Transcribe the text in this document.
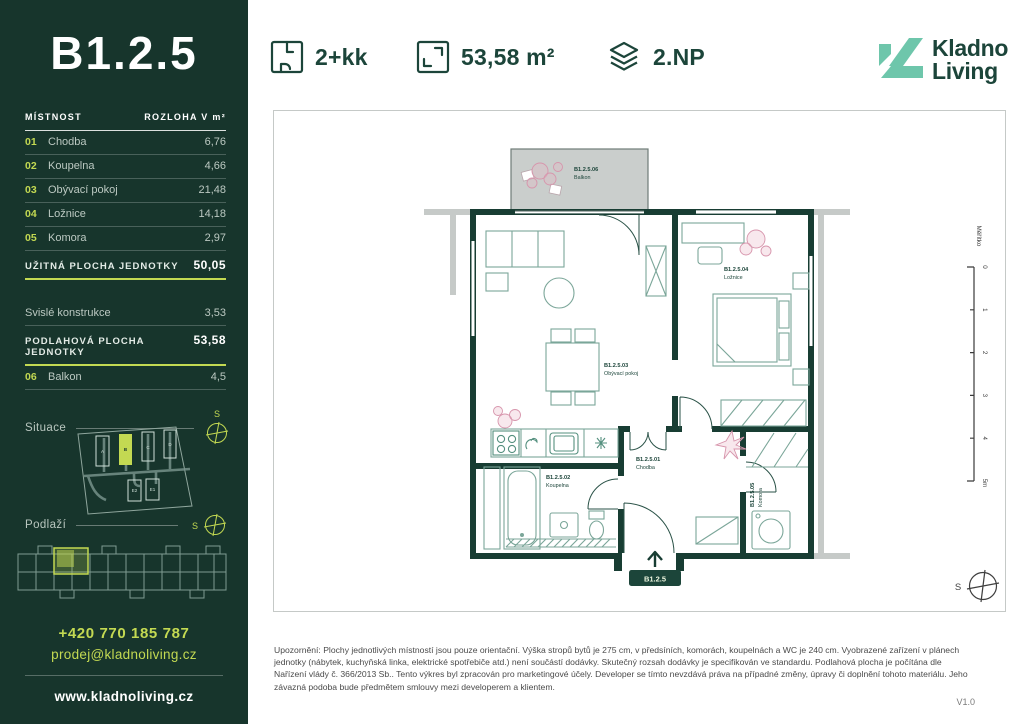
B1.2.5
MÍSTNOST	ROZLOHA V m²
01	Chodba	6,76
02	Koupelna	4,66
03	Obývací pokoj	21,48
04	Ložnice	14,18
05	Komora	2,97
UŽITNÁ PLOCHA JEDNOTKY 50,05
Svislé konstrukce	3,53
PODLAHOVÁ PLOCHA JEDNOTKY
53,58
06	Balkon	4,5
Situace
S
A	B	C
D
E2	E1
Podlaží	S
+420 770 185 787
prodej@kladnoliving.cz
www.kladnoliving.cz
2+kk	53,58 m²	2.NP	Kladno
Living
B1.2.5.06
Balkon
B1.2.5.01
Chodba
B1.2.5.02
Koupelna
B1.2.5.03
Obývací pokoj
B1.2.5.04
Ložnice
B1.2.5.05 Komora
B1.2.5
Měřítko
0
1
2
3
4
5m
S
Upozornění: Plochy jednotlivých místností jsou pouze orientační. Výška stropů bytů je 275 cm, v předsíních, komorách, koupelnách a WC je 240 cm. Vyobrazené zařízení v plánech jednotky (nábytek, kuchyňská linka, elektrické spotřebiče atd.) není součástí dodávky. Skutečný rozsah dodávky je specifikován ve standardu. Podlahová plocha je počítána dle Nařízení vlády č. 366/2013 Sb.. Tento výkres byl zpracován pro marketingové účely. Developer se tímto nevzdává práva na případné změny, úpravy či doplnění tohoto materiálu. Jeho závazná podoba bude předmětem smlouvy mezi developerem a klientem.
V1.0
